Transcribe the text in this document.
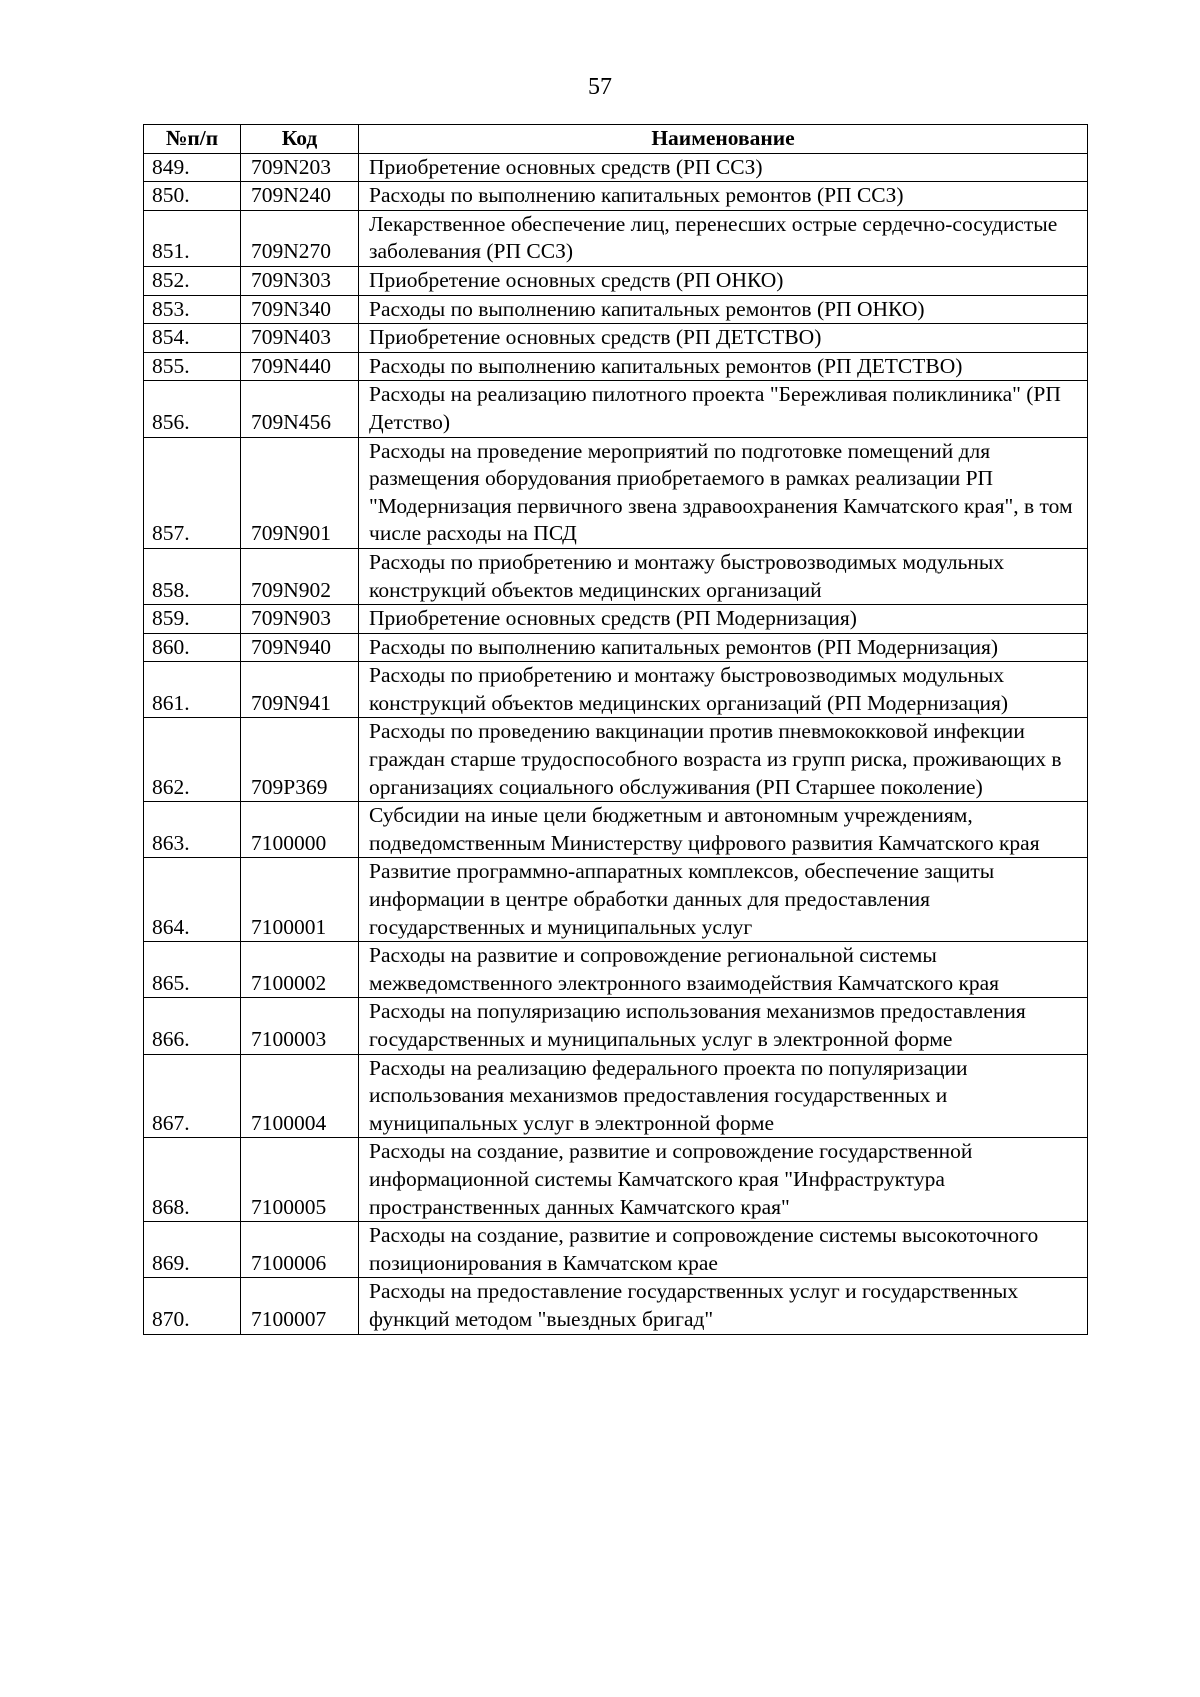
57
№п/п	Код	Наименование
849.	709N203	Приобретение основных средств (РП ССЗ)
850.	709N240	Расходы по выполнению капитальных ремонтов (РП ССЗ)
851.	709N270	Лекарственное обеспечение лиц, перенесших острые сердечно-сосудистые заболевания (РП ССЗ)
852.	709N303	Приобретение основных средств (РП ОНКО)
853.	709N340	Расходы по выполнению капитальных ремонтов (РП ОНКО)
854.	709N403	Приобретение основных средств (РП ДЕТСТВО)
855.	709N440	Расходы по выполнению капитальных ремонтов (РП ДЕТСТВО)
856.	709N456	Расходы на реализацию пилотного проекта "Бережливая поликлиника" (РП Детство)
857.	709N901	Расходы на проведение мероприятий по подготовке помещений для размещения оборудования приобретаемого в рамках реализации РП "Модернизация первичного звена здравоохранения Камчатского края", в том числе расходы на ПСД
858.	709N902	Расходы по приобретению и монтажу быстровозводимых модульных конструкций объектов медицинских организаций
859.	709N903	Приобретение основных средств (РП Модернизация)
860.	709N940	Расходы по выполнению капитальных ремонтов (РП Модернизация)
861.	709N941	Расходы по приобретению и монтажу быстровозводимых модульных конструкций объектов медицинских организаций (РП Модернизация)
862.	709P369	Расходы по проведению вакцинации против пневмококковой инфекции граждан старше трудоспособного возраста из групп риска, проживающих в организациях социального обслуживания (РП Старшее поколение)
863.	7100000	Субсидии на иные цели бюджетным и автономным учреждениям, подведомственным Министерству цифрового развития Камчатского края
864.	7100001	Развитие программно-аппаратных комплексов, обеспечение защиты информации в центре обработки данных для предоставления государственных и муниципальных услуг
865.	7100002	Расходы на развитие и сопровождение региональной системы межведомственного электронного взаимодействия Камчатского края
866.	7100003	Расходы на популяризацию использования механизмов предоставления государственных и муниципальных услуг в электронной форме
867.	7100004	Расходы на реализацию федерального проекта по популяризации использования механизмов предоставления государственных и муниципальных услуг в электронной форме
868.	7100005	Расходы на создание, развитие и сопровождение государственной информационной системы Камчатского края "Инфраструктура пространственных данных Камчатского края"
869.	7100006	Расходы на создание, развитие и сопровождение системы высокоточного позиционирования в Камчатском крае
870.	7100007	Расходы на предоставление государственных услуг и государственных функций методом "выездных бригад"
